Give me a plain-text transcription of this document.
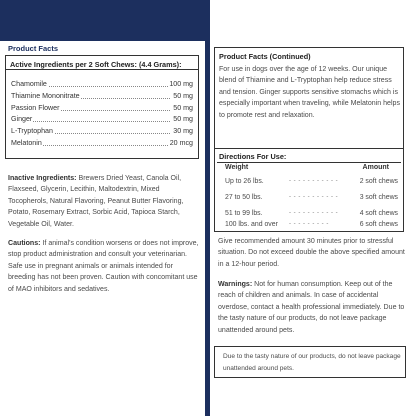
Product Facts
Active Ingredients per 2 Soft Chews: (4.4 Grams):
Chamomile	100 mg
Thiamine Mononitrate	50 mg
Passion Flower	50 mg
Ginger	50 mg
L-Tryptophan	30 mg
Melatonin	20 mcg
Inactive Ingredients: Brewers Dried Yeast, Canola Oil, Flaxseed, Glycerin, Lecithin, Maltodextrin, Mixed Tocopherols, Natural Flavoring, Peanut Butter Flavoring, Potato, Rosemary Extract, Sorbic Acid, Tapioca Starch, Vegetable Oil, Water.
Cautions: If animal's condition worsens or does not improve, stop product administration and consult your veterinarian. Safe use in pregnant animals or animals intended for breeding has not been proven. Caution with concomitant use of MAO inhibitors and sedatives.
Product Facts (Continued)
For use in dogs over the age of 12 weeks. Our unique blend of Thiamine and L-Tryptophan help reduce stress and tension. Ginger supports sensitive stomachs which is especially important when traveling, while Melatonin helps to promote rest and relaxation.
Directions For Use:
Weight	Amount
Up to 26 lbs.	- - - - - - - - - - -	2 soft chews
27 to 50 lbs.	- - - - - - - - - - -	3 soft chews
51 to 99 lbs.	- - - - - - - - - - -	4 soft chews
100 lbs. and over - - - - - - - - -	6 soft chews
Give recommended amount 30 minutes prior to stressful situation. Do not exceed double the above specified amount in a 12-hour period.
Warnings: Not for human consumption. Keep out of the reach of children and animals. In case of accidental overdose, contact a health professional immediately. Due to the tasty nature of our products, do not leave package unattended around pets.
Due to the tasty nature of our products, do not leave package unattended around pets.
